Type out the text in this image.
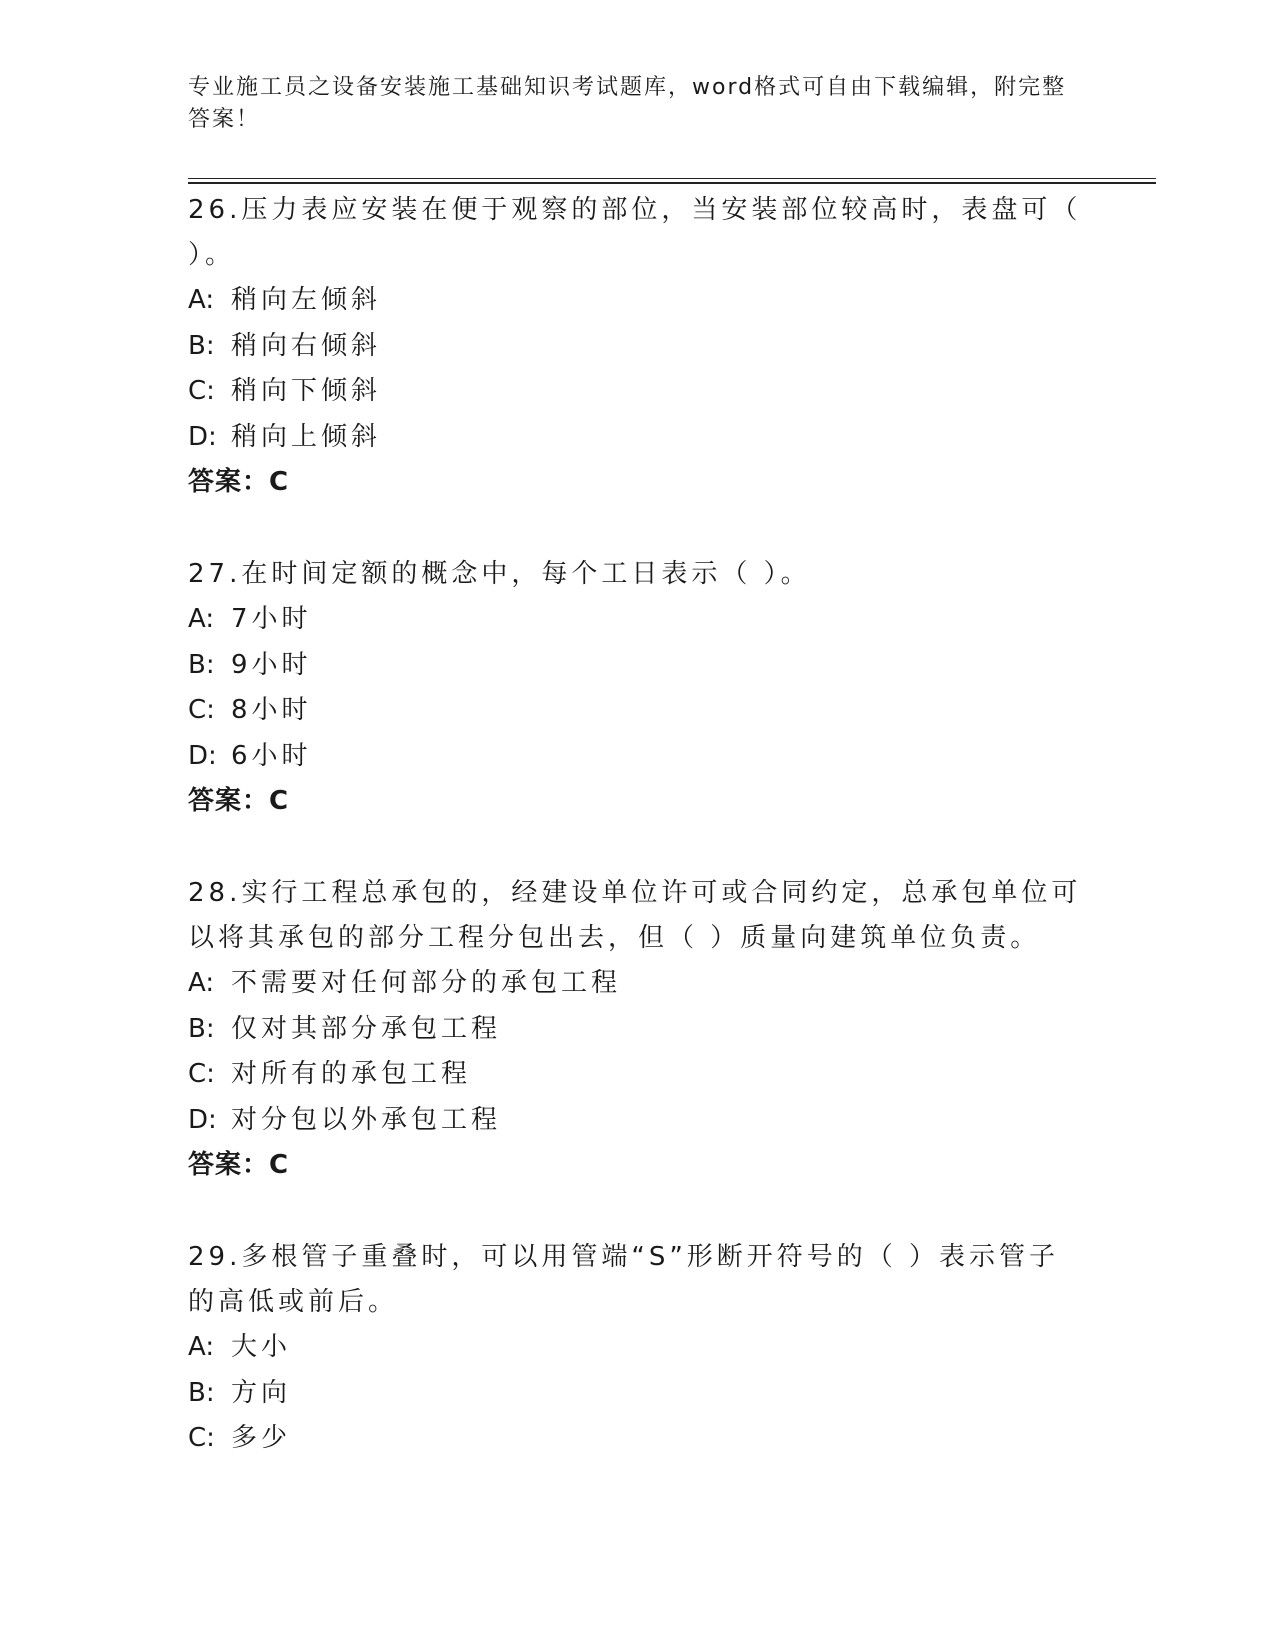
专业施工员之设备安装施工基础知识考试题库，word格式可自由下载编辑，附完整答案！

26.压力表应安装在便于观察的部位，当安装部位较高时，表盘可（ ）。

A: 稍向左倾斜

B: 稍向右倾斜

C: 稍向下倾斜

D: 稍向上倾斜

答案：C

27.在时间定额的概念中，每个工日表示（ ）。

A: 7小时

B: 9小时

C: 8小时

D: 6小时

答案：C

28.实行工程总承包的，经建设单位许可或合同约定，总承包单位可以将其承包的部分工程分包出去，但（ ）质量向建筑单位负责。

A: 不需要对任何部分的承包工程

B: 仅对其部分承包工程

C: 对所有的承包工程

D: 对分包以外承包工程

答案：C

29.多根管子重叠时，可以用管端“S”形断开符号的（ ）表示管子的高低或前后。

A: 大小

B: 方向

C: 多少
